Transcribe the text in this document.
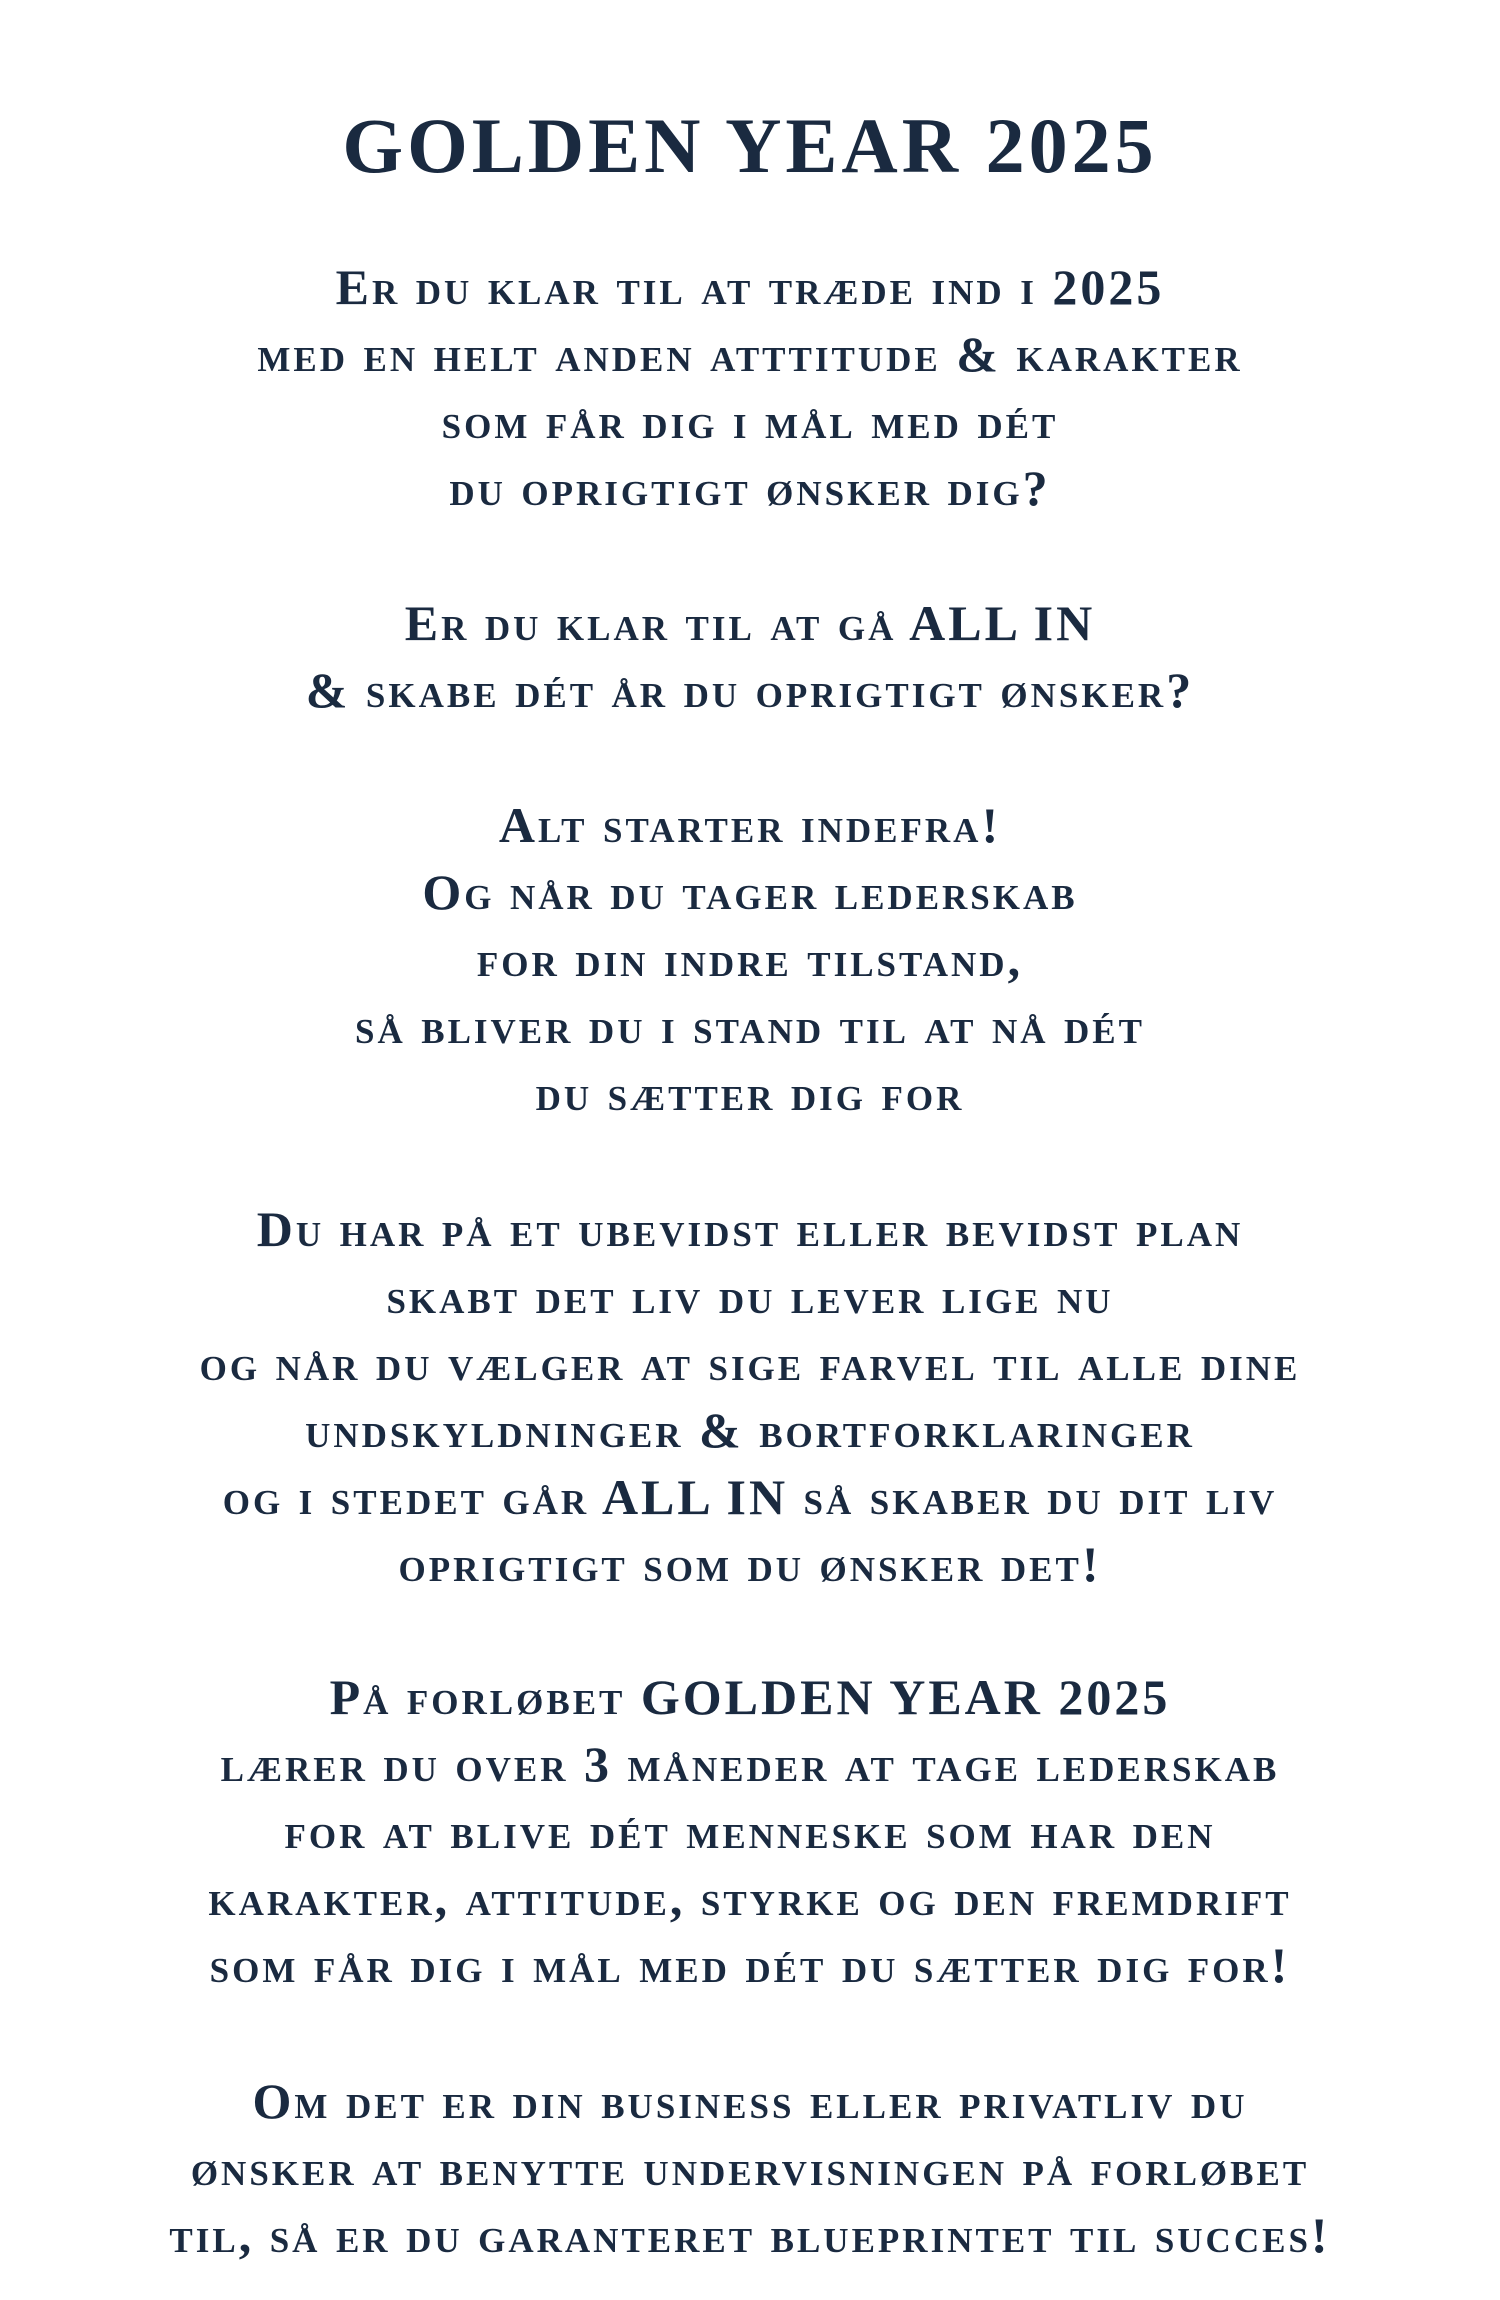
GOLDEN YEAR 2025
Er du klar til at træde ind i 2025
med en helt anden atttitude & karakter
som får dig i mål med dét
du oprigtigt ønsker dig?
Er du klar til at gå ALL IN
& skabe dét år du oprigtigt ønsker?
Alt starter indefra!
Og når du tager lederskab
for din indre tilstand,
så bliver du i stand til at nå dét
du sætter dig for
Du har på et ubevidst eller bevidst plan
skabt det liv du lever lige nu
og når du vælger at sige farvel til alle dine
undskyldninger & bortforklaringer
og i stedet går ALL IN så skaber du dit liv
oprigtigt som du ønsker det!
På forløbet GOLDEN YEAR 2025
lærer du over 3 måneder at tage lederskab
for at blive dét menneske som har den
karakter, attitude, styrke og den fremdrift
som får dig i mål med dét du sætter dig for!
Om det er din business eller privatliv du
ønsker at benytte undervisningen på forløbet
til, så er du garanteret blueprintet til succes!
